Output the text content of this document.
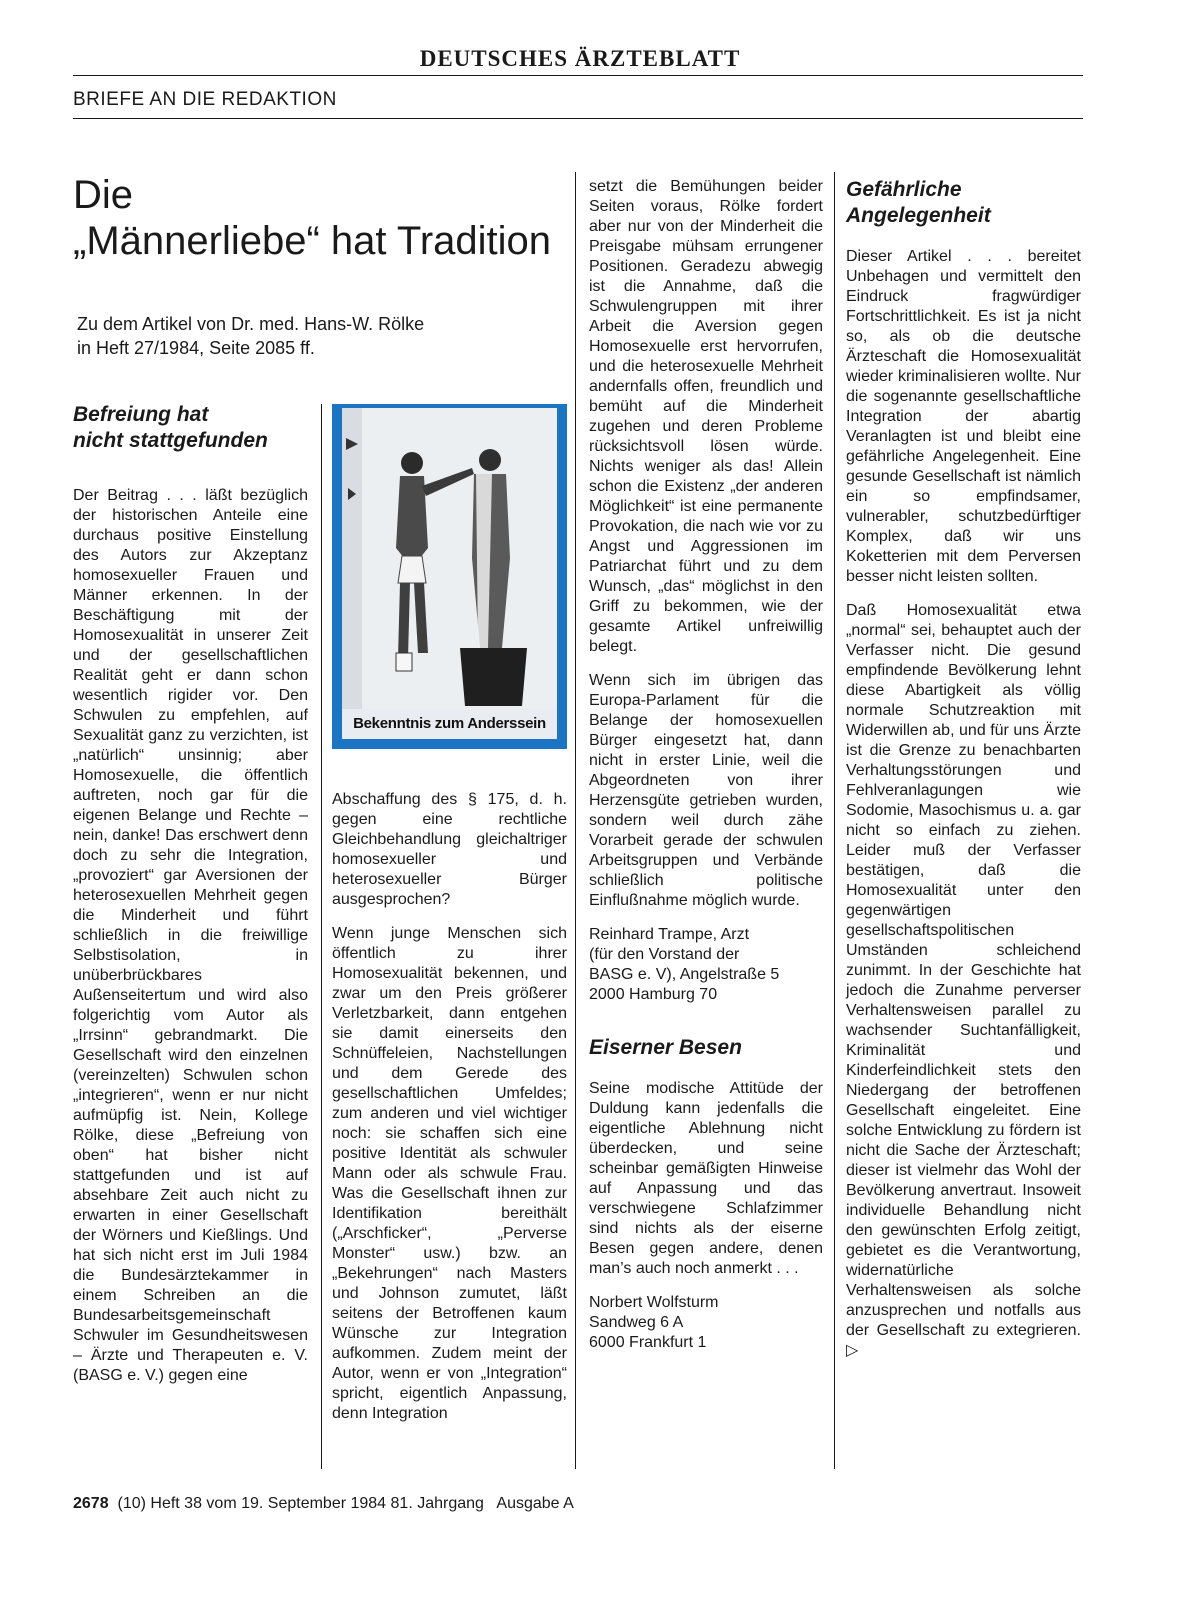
DEUTSCHES ÄRZTEBLATT
BRIEFE AN DIE REDAKTION
Die
„Männerliebe“ hat Tradition
Zu dem Artikel von Dr. med. Hans-W. Rölke
in Heft 27/1984, Seite 2085 ff.
Befreiung hat
nicht stattgefunden

Der Beitrag . . . läßt bezüglich der historischen Anteile eine durchaus positive Einstellung des Autors zur Akzeptanz homosexueller Frauen und Männer erkennen. In der Beschäftigung mit der Homosexualität in unserer Zeit und der gesellschaftlichen Realität geht er dann schon wesentlich rigider vor. Den Schwulen zu empfehlen, auf Sexualität ganz zu verzichten, ist „natürlich“ unsinnig; aber Homosexuelle, die öffentlich auftreten, noch gar für die eigenen Belange und Rechte – nein, danke! Das erschwert denn doch zu sehr die Integration, „provoziert“ gar Aversionen der heterosexuellen Mehrheit gegen die Minderheit und führt schließlich in die freiwillige Selbstisolation, in unüberbrückbares Außenseitertum und wird also folgerichtig vom Autor als „Irrsinn“ gebrandmarkt. Die Gesellschaft wird den einzelnen (vereinzelten) Schwulen schon „integrieren“, wenn er nur nicht aufmüpfig ist. Nein, Kollege Rölke, diese „Befreiung von oben“ hat bisher nicht stattgefunden und ist auf absehbare Zeit auch nicht zu erwarten in einer Gesellschaft der Wörners und Kießlings. Und hat sich nicht erst im Juli 1984 die Bundesärztekammer in einem Schreiben an die Bundesarbeitsgemeinschaft Schwuler im Gesundheitswesen – Ärzte und Therapeuten e. V. (BASG e. V.) gegen eine

Bekenntnis zum Anderssein

Abschaffung des § 175, d. h. gegen eine rechtliche Gleichbehandlung gleichaltriger homosexueller und heterosexueller Bürger ausgesprochen?

Wenn junge Menschen sich öffentlich zu ihrer Homosexualität bekennen, und zwar um den Preis größerer Verletzbarkeit, dann entgehen sie damit einerseits den Schnüffeleien, Nachstellungen und dem Gerede des gesellschaftlichen Umfeldes; zum anderen und viel wichtiger noch: sie schaffen sich eine positive Identität als schwuler Mann oder als schwule Frau. Was die Gesellschaft ihnen zur Identifikation bereithält („Arschficker“, „Perverse Monster“ usw.) bzw. an „Bekehrungen“ nach Masters und Johnson zumutet, läßt seitens der Betroffenen kaum Wünsche zur Integration aufkommen. Zudem meint der Autor, wenn er von „Integration“ spricht, eigentlich Anpassung, denn Integration

setzt die Bemühungen beider Seiten voraus, Rölke fordert aber nur von der Minderheit die Preisgabe mühsam errungener Positionen. Geradezu abwegig ist die Annahme, daß die Schwulengruppen mit ihrer Arbeit die Aversion gegen Homosexuelle erst hervorrufen, und die heterosexuelle Mehrheit andernfalls offen, freundlich und bemüht auf die Minderheit zugehen und deren Probleme rücksichtsvoll lösen würde. Nichts weniger als das! Allein schon die Existenz „der anderen Möglichkeit“ ist eine permanente Provokation, die nach wie vor zu Angst und Aggressionen im Patriarchat führt und zu dem Wunsch, „das“ möglichst in den Griff zu bekommen, wie der gesamte Artikel unfreiwillig belegt.

Wenn sich im übrigen das Europa-Parlament für die Belange der homosexuellen Bürger eingesetzt hat, dann nicht in erster Linie, weil die Abgeordneten von ihrer Herzensgüte getrieben wurden, sondern weil durch zähe Vorarbeit gerade der schwulen Arbeitsgruppen und Verbände schließlich politische Einflußnahme möglich wurde.

Reinhard Trampe, Arzt
(für den Vorstand der
BASG e. V), Angelstraße 5
2000 Hamburg 70
Eiserner Besen

Seine modische Attitüde der Duldung kann jedenfalls die eigentliche Ablehnung nicht überdecken, und seine scheinbar gemäßigten Hinweise auf Anpassung und das verschwiegene Schlafzimmer sind nichts als der eiserne Besen gegen andere, denen man’s auch noch anmerkt . . .

Norbert Wolfsturm
Sandweg 6 A
6000 Frankfurt 1
Gefährliche
Angelegenheit

Dieser Artikel . . . bereitet Unbehagen und vermittelt den Eindruck fragwürdiger Fortschrittlichkeit. Es ist ja nicht so, als ob die deutsche Ärzteschaft die Homosexualität wieder kriminalisieren wollte. Nur die sogenannte gesellschaftliche Integration der abartig Veranlagten ist und bleibt eine gefährliche Angelegenheit. Eine gesunde Gesellschaft ist nämlich ein so empfindsamer, vulnerabler, schutzbedürftiger Komplex, daß wir uns Koketterien mit dem Perversen besser nicht leisten sollten.

Daß Homosexualität etwa „normal“ sei, behauptet auch der Verfasser nicht. Die gesund empfindende Bevölkerung lehnt diese Abartigkeit als völlig normale Schutzreaktion mit Widerwillen ab, und für uns Ärzte ist die Grenze zu benachbarten Verhaltungsstörungen und Fehlveranlagungen wie Sodomie, Masochismus u. a. gar nicht so einfach zu ziehen. Leider muß der Verfasser bestätigen, daß die Homosexualität unter den gegenwärtigen gesellschaftspolitischen Umständen schleichend zunimmt. In der Geschichte hat jedoch die Zunahme perverser Verhaltensweisen parallel zu wachsender Suchtanfälligkeit, Kriminalität und Kinderfeindlichkeit stets den Niedergang der betroffenen Gesellschaft eingeleitet. Eine solche Entwicklung zu fördern ist nicht die Sache der Ärzteschaft; dieser ist vielmehr das Wohl der Bevölkerung anvertraut. Insoweit individuelle Behandlung nicht den gewünschten Erfolg zeitigt, gebietet es die Verantwortung, widernatürliche Verhaltensweisen als solche anzusprechen und notfalls aus der Gesellschaft zu extegrieren. ▷

2678 (10) Heft 38 vom 19. September 1984 81. Jahrgang Ausgabe A
